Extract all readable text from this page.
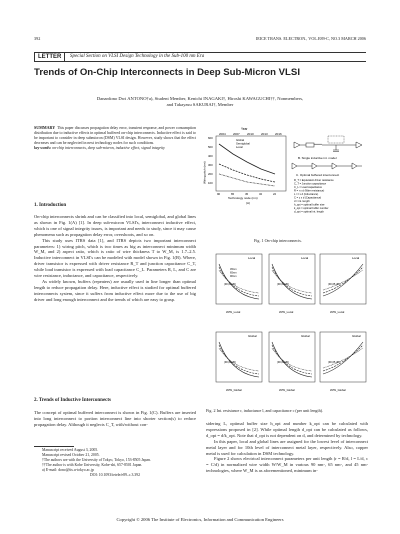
392	IEICE TRANS. ELECTRON., VOL.E89-C, NO.3 MARCH 2006
LETTER	Special Section on VLSI Design Technology in the Sub-100 nm Era
Trends of On-Chip Interconnects in Deep Sub-Micron VLSI
Danardono Dwi ANTONO†a), Student Member, Kenichi INAGAKI†, Hiroshi KAWAGUCHI††, Nonmembers,
and Takayasu SAKURAI†, Member
SUMMARY This paper discusses propagation delay error, transient response, and power consumption distribution due to inductive effects in optimal buffered on-chip interconnects. Inductive effect is said to be important to consider in deep submicron (DSM) VLSI design. However, study shows that the effect decreases and can be neglected in next technology nodes for such conditions.
key words: on-chip interconnects, deep sub-micron, inductive effect, signal integrity
1. Introduction
On-chip interconnects shrink and can be classified into local, semiglobal, and global lines as shown in Fig. 1(A) [1]. In deep sub-micron VLSI's, interconnect inductive effect, which is one of signal integrity issues, is important and needs to study, since it may cause phenomena such as propagation delay error, overshoots, and so on.
This study uses ITRS data [1], and ITRS depicts two important interconnect parameters: 1) wiring pitch, which is two times as big as interconnect minimum width W_M, and 2) aspect ratio, which is ratio of wire thickness T to W_M, is 1.7–2.5. Inductive interconnect in VLSI's can be modeled with model shown in Fig. 1(B). Where, driver transistor is expressed with driver resistance R_T and junction capacitance C_T, while load transistor is expressed with load capacitance C_L. Parameters R, L, and C are wire resistance, inductance, and capacitance, respectively.
As widely known, buffers (repeaters) are usually used in line longer than optimal length to reduce propagation delay. Here, inductive effect is studied for optimal buffered interconnects system, since it suffers from inductive effect more due to the use of big driver and long enough interconnect and the trends of which are easy to grasp.
2. Trends of Inductive Interconnects
The concept of optimal buffered interconnect is shown in Fig. 1(C). Buffers are inserted into long interconnect to portion interconnect line into shorter section(s) to reduce propagation delay. Although it neglects C_T, with/without con-
Manuscript received August 3, 2005.
Manuscript revised October 21, 2005.
†The authors are with the University of Tokyo, Tokyo, 153-8505 Japan.
††The author is with Kobe University, Kobe-shi, 657-8501 Japan.
a) E-mail: dono@iis.u-tokyo.ac.jp
DOI: 10.1093/ietele/e89–c.3.392
Year
2004 2007 2010 2013 2016
600
500
400
300
200
100
Wiring pitch (nm)
Global
Semiglobal
Local
90	65	45	32	22
Technology node (nm)
(A)
B. Single inductive int. model
C. Optimal buffered interconnect
R_T = Equivalent driver resistance
C_T = Junction capacitance
C_L = Load capacitance
R = r x d (Wire resistance)
L = l x d (Inductance)
C = c x d (Capacitance)
d = int. length
h_opt = optimal buffer size
k_opt = optimal buffer number
d_opt = optimal int. length
Fig. 1 On-chip interconnects.
Local
W/W_Local
(90,65,45)
45nm
65nm
90nm
Local
W/W_Local
(90,65,45)
Local
W/W_Local
(90,65,45)
Global
W/W_Global
(90,65,45)
Global
W/W_Global
(90,65,45)
Global
W/W_Global
(90,65,45)
Fig. 2 Int. resistance r, inductance l, and capacitance c (per unit length).
sidering L, optimal buffer size h_opt and number k_opt can be calculated with expressions proposed in [2]. While optimal length d_opt can be calculated as follows, d_opt = d/k_opt. Note that d_opt is not dependent on d, and determined by technology.
In this paper, local and global lines are assigned for the lowest level of interconnect metal layer and for 10th level of interconnect metal layer, respectively. Also, copper metal is used for calculation in DSM technology.
Figure 2 shows electrical interconnect parameters per unit length (r = R/d, l = L/d, c = C/d) in normalized wire width W/W_M in various 90 nm-, 65 nm-, and 45 nm-technologies, where W_M is as aforementioned, minimum in-
Copyright © 2006 The Institute of Electronics, Information and Communication Engineers
